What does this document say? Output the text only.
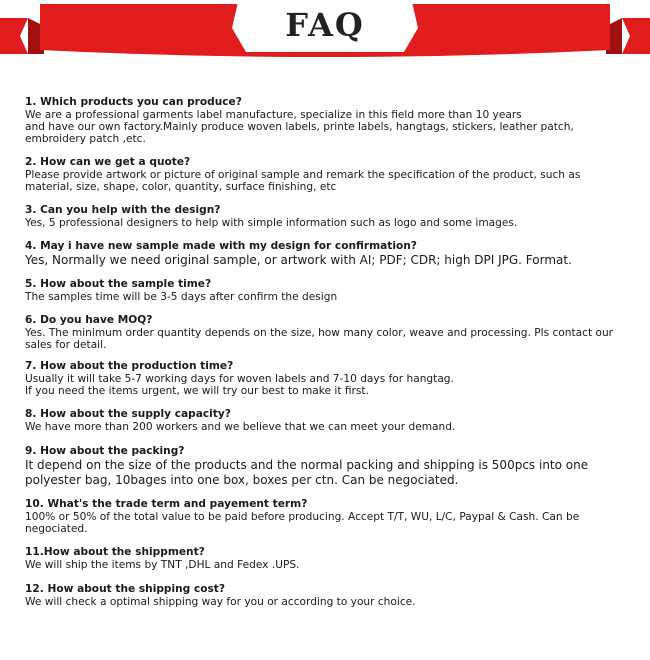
FAQ
1. Which products you can produce?
We are a professional garments label manufacture, specialize in this field more than 10 years
and have our own factory.Mainly produce woven labels, printe labels, hangtags, stickers, leather patch,
embroidery patch ,etc.
2. How can we get a quote?
Please provide artwork or picture of original sample and remark the specification of the product, such as
material, size, shape, color, quantity, surface finishing, etc
3. Can you help with the design?
Yes, 5 professional designers to help with simple information such as logo and some images.
4. May i have new sample made with my design for confirmation?
Yes, Normally we need original sample, or artwork with AI; PDF; CDR; high DPI JPG. Format.
5. How about the sample time?
The samples time will be 3-5 days after confirm the design
6. Do you have MOQ?
Yes. The minimum order quantity depends on the size, how many color, weave and processing. Pls contact our
sales for detail.
7. How about the production time?
Usually it will take 5-7 working days for woven labels and 7-10 days for hangtag.
If you need the items urgent, we will try our best to make it first.
8. How about the supply capacity?
We have more than 200 workers and we believe that we can meet your demand.
9. How about the packing?
It depend on the size of the products and the normal packing and shipping is 500pcs into one
polyester bag, 10bages into one box, boxes per ctn. Can be negociated.
10. What's the trade term and payement term?
100% or 50% of the total value to be paid before producing. Accept T/T, WU, L/C, Paypal & Cash. Can be
negociated.
11.How about the shippment?
We will ship the items by TNT ,DHL and Fedex .UPS.
12. How about the shipping cost?
We will check a optimal shipping way for you or according to your choice.
